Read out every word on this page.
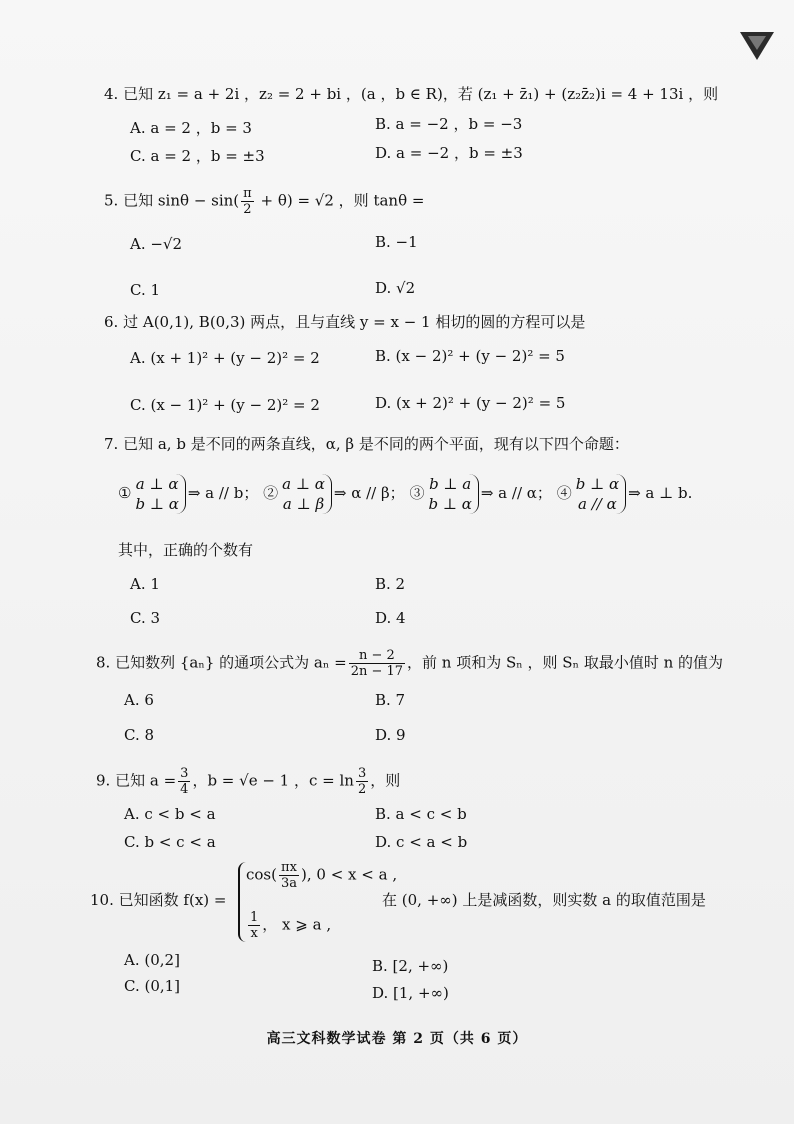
4. 已知 z₁ = a + 2i ，z₂ = 2 + bi ，(a ，b ∈ R)，若 (z₁ + z̄₁) + (z₂z̄₂)i = 4 + 13i ，则
A. a = 2 ，b = 3	B. a = −2 ，b = −3
C. a = 2 ，b = ±3	D. a = −2 ，b = ±3
5. 已知 $\sin\theta - \sin( \frac{\pi}{2} + \theta) = √2$ ，则 tanθ =
A. −√2	B. −1
C. 1	D. √2
6. 过 A(0,1), B(0,3) 两点，且与直线 y = x − 1 相切的圆的方程可以是
A. (x + 1)² + (y − 2)² = 2	B. (x − 2)² + (y − 2)² = 5
C. (x − 1)² + (y − 2)² = 2	D. (x + 2)² + (y − 2)² = 5
7. 已知 a, b 是不同的两条直线，α, β 是不同的两个平面，现有以下四个命题：
① a ⊥ α
b ⊥ α
⇒ a // b； ② a ⊥ α
a ⊥ β
⇒ α // β； ③ b ⊥ a
b ⊥ α
⇒ a // α； ④ b ⊥ α
a // α
⇒ a ⊥ b.
其中，正确的个数有
A. 1	B. 2
C. 3	D. 4
8. 已知数列 {aₙ} 的通项公式为 $a_n = \frac{n - 2}{2n - 17}$ ，前 n 项和为 Sₙ ，则 Sₙ 取最小值时 n 的值为
A. 6	B. 7
C. 8	D. 9
9. 已知 $a = \frac{3}{4}$ ，b = √e − 1 ，$c = \ln \frac{3}{2}$ ，则
A. c < b < a	B. a < c < b
C. b < c < a	D. c < a < b
10. 已知函数 f(x) =
$\cos( \frac{\pi x}{3a}$ ), 0 < x < a ,
$\frac{1}{x}$ ， x ⩾ a ,
在 (0, +∞) 上是减函数，则实数 a 的取值范围是
A. (0,2]	B. [2, +∞)
C. (0,1]	D. [1, +∞)
高三文科数学试卷 第 2 页（共 6 页）
